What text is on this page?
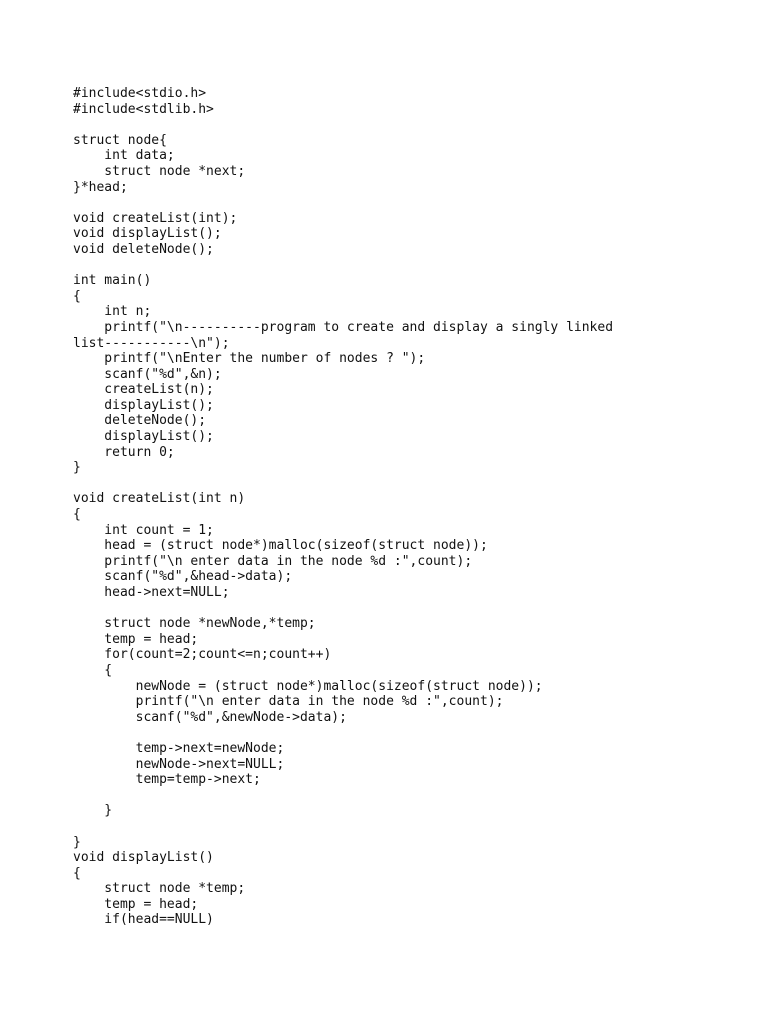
#include<stdio.h>
#include<stdlib.h>
struct node{
int data;
struct node *next;
}*head;
void createList(int);
void displayList();
void deleteNode();
int main()
{
int n;
printf("\n----------program to create and display a singly linked
list-----------\n");
printf("\nEnter the number of nodes ? ");
scanf("%d",&n);
createList(n);
displayList();
deleteNode();
displayList();
return 0;
}
void createList(int n)
{
int count = 1;
head = (struct node*)malloc(sizeof(struct node));
printf("\n enter data in the node %d :",count);
scanf("%d",&head->data);
head->next=NULL;
struct node *newNode,*temp;
temp = head;
for(count=2;count<=n;count++)
{
newNode = (struct node*)malloc(sizeof(struct node));
printf("\n enter data in the node %d :",count);
scanf("%d",&newNode->data);
temp->next=newNode;
newNode->next=NULL;
temp=temp->next;
}
}
void displayList()
{
struct node *temp;
temp = head;
if(head==NULL)
